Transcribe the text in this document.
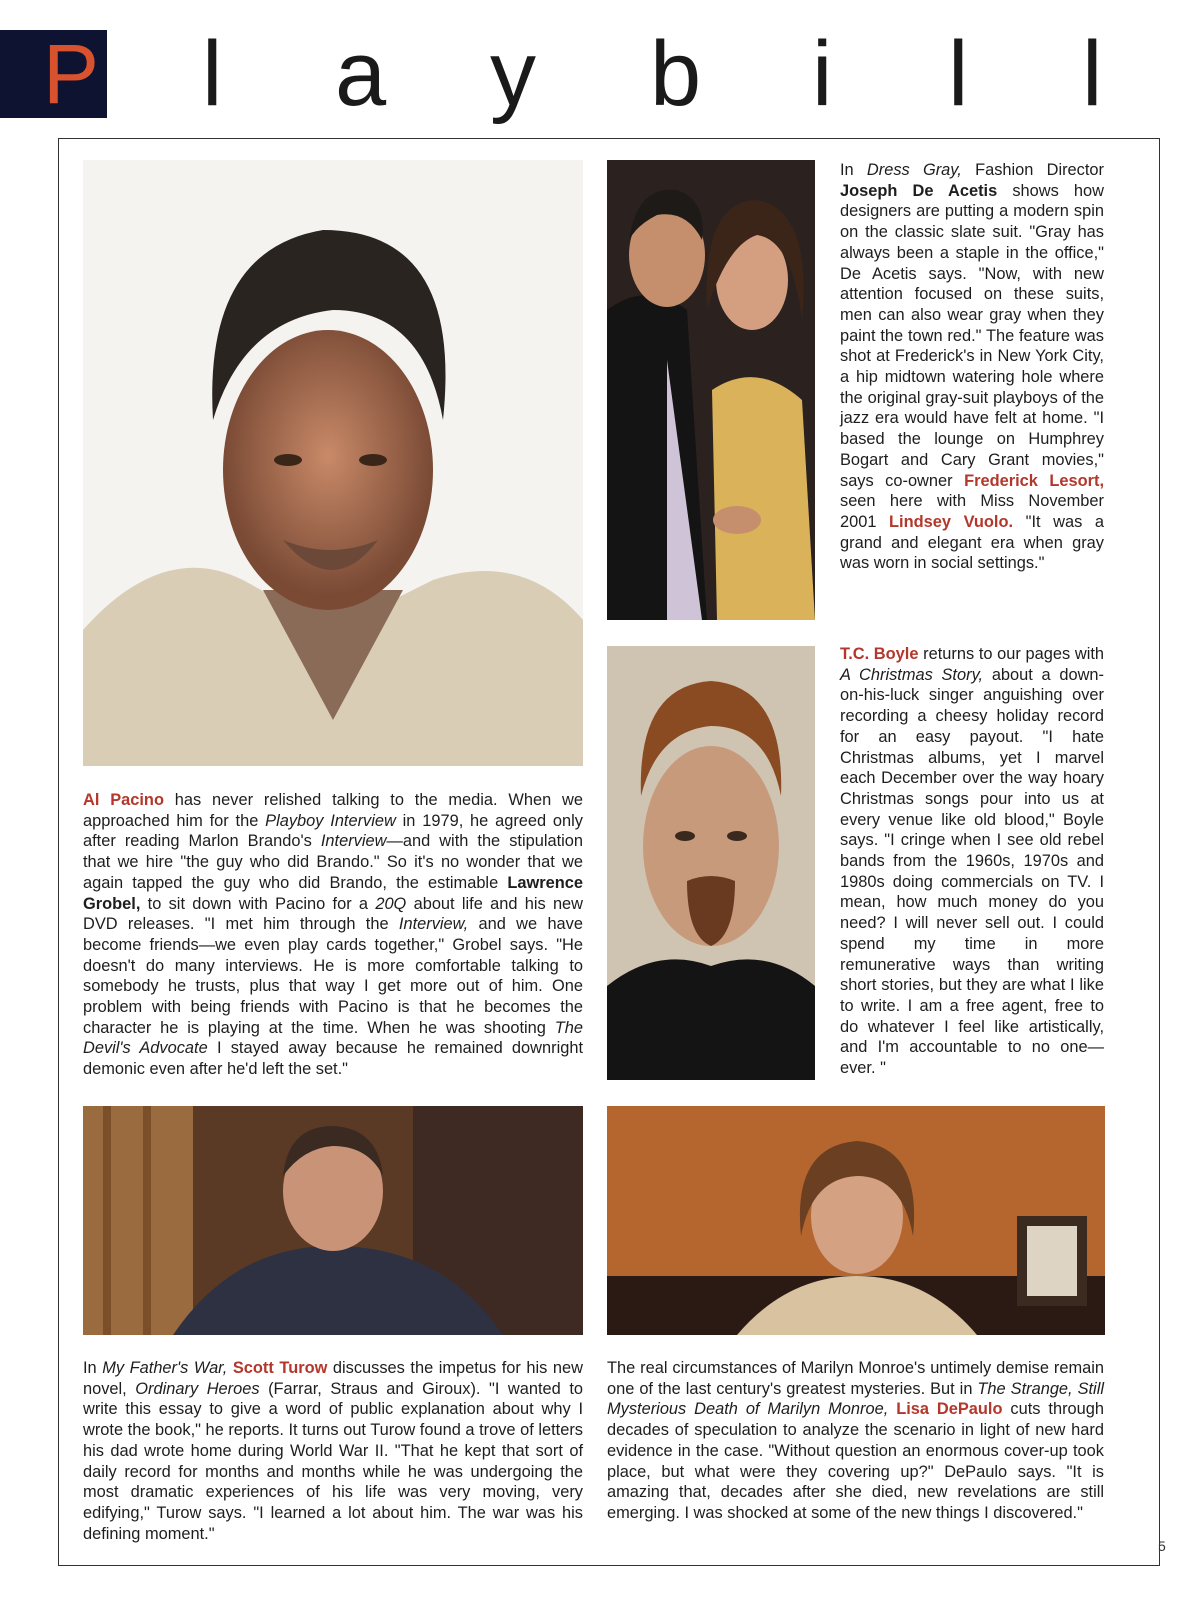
P l a y b i l l

Al Pacino has never relished talking to the media. When we approached him for the Playboy Interview in 1979, he agreed only after reading Marlon Brando's Interview—and with the stipulation that we hire "the guy who did Brando." So it's no wonder that we again tapped the guy who did Brando, the estimable Lawrence Grobel, to sit down with Pacino for a 20Q about life and his new DVD releases. "I met him through the Interview, and we have become friends—we even play cards together," Grobel says. "He doesn't do many interviews. He is more comfortable talking to somebody he trusts, plus that way I get more out of him. One problem with being friends with Pacino is that he becomes the character he is playing at the time. When he was shooting The Devil's Advocate I stayed away because he remained downright demonic even after he'd left the set."

In Dress Gray, Fashion Director Joseph De Acetis shows how designers are putting a modern spin on the classic slate suit. "Gray has always been a staple in the office," De Acetis says. "Now, with new attention focused on these suits, men can also wear gray when they paint the town red." The feature was shot at Frederick's in New York City, a hip midtown watering hole where the original gray-suit playboys of the jazz era would have felt at home. "I based the lounge on Humphrey Bogart and Cary Grant movies," says co-owner Frederick Lesort, seen here with Miss November 2001 Lindsey Vuolo. "It was a grand and elegant era when gray was worn in social settings."

T.C. Boyle returns to our pages with A Christmas Story, about a down-on-his-luck singer anguishing over recording a cheesy holiday record for an easy payout. "I hate Christmas albums, yet I marvel each December over the way hoary Christmas songs pour into us at every venue like old blood," Boyle says. "I cringe when I see old rebel bands from the 1960s, 1970s and 1980s doing commercials on TV. I mean, how much money do you need? I will never sell out. I could spend my time in more remunerative ways than writing short stories, but they are what I like to write. I am a free agent, free to do whatever I feel like artistically, and I'm accountable to no one—ever. "

In My Father's War, Scott Turow discusses the impetus for his new novel, Ordinary Heroes (Farrar, Straus and Giroux). "I wanted to write this essay to give a word of public explanation about why I wrote the book," he reports. It turns out Turow found a trove of letters his dad wrote home during World War II. "That he kept that sort of daily record for months and months while he was undergoing the most dramatic experiences of his life was very moving, very edifying," Turow says. "I learned a lot about him. The war was his defining moment."

The real circumstances of Marilyn Monroe's untimely demise remain one of the last century's greatest mysteries. But in The Strange, Still Mysterious Death of Marilyn Monroe, Lisa DePaulo cuts through decades of speculation to analyze the scenario in light of new hard evidence in the case. "Without question an enormous cover-up took place, but what were they covering up?" DePaulo says. "It is amazing that, decades after she died, new revelations are still emerging. I was shocked at some of the new things I discovered."

5
